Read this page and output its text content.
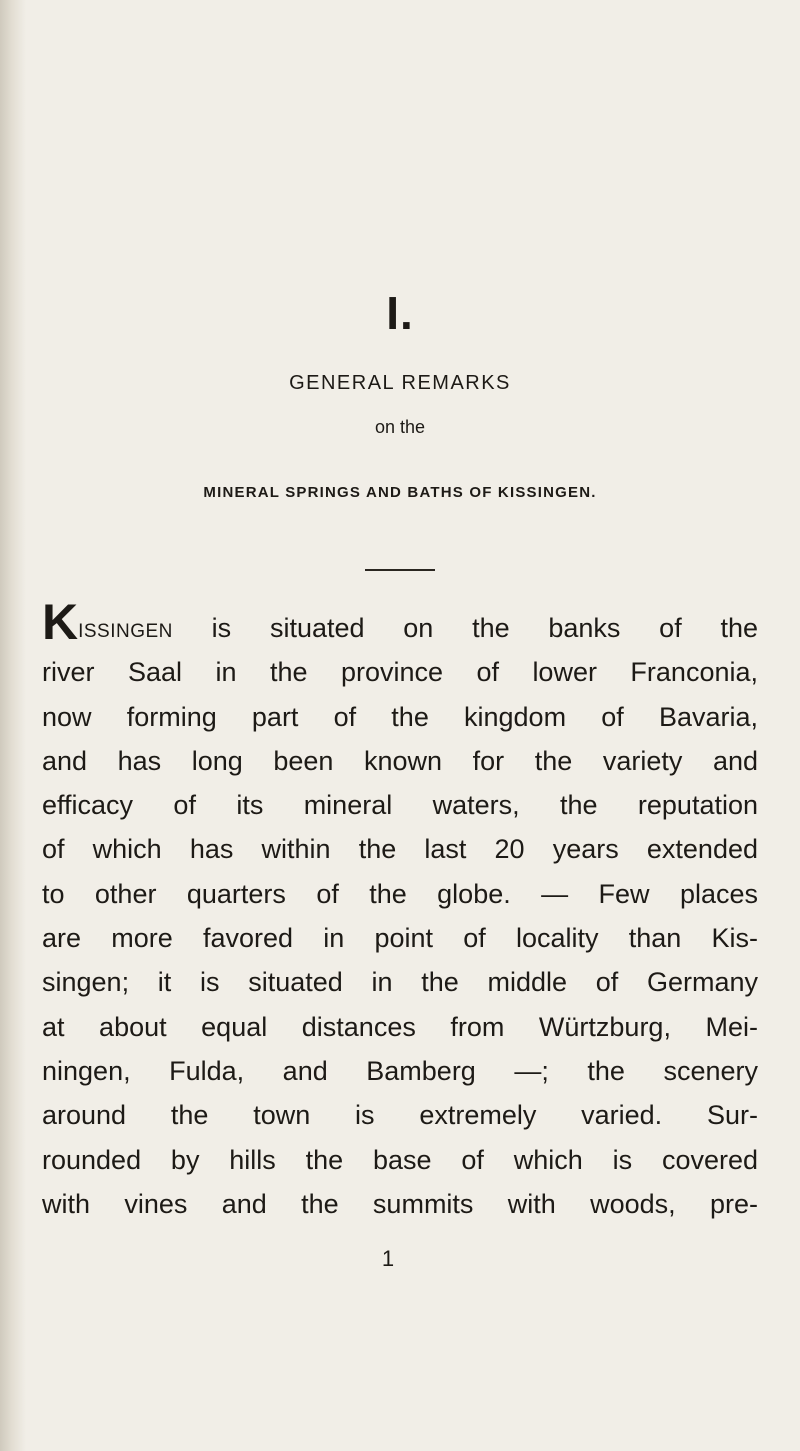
I.
GENERAL REMARKS
on the
MINERAL SPRINGS AND BATHS OF KISSINGEN.
Kissingen is situated on the banks of the
river Saal in the province of lower Franconia,
now forming part of the kingdom of Bavaria,
and has long been known for the variety and
efficacy of its mineral waters, the reputation
of which has within the last 20 years extended
to other quarters of the globe. — Few places
are more favored in point of locality than Kis-
singen; it is situated in the middle of Germany
at about equal distances from Würtzburg, Mei-
ningen, Fulda, and Bamberg —; the scenery
around the town is extremely varied. Sur-
rounded by hills the base of which is covered
with vines and the summits with woods, pre-
1
